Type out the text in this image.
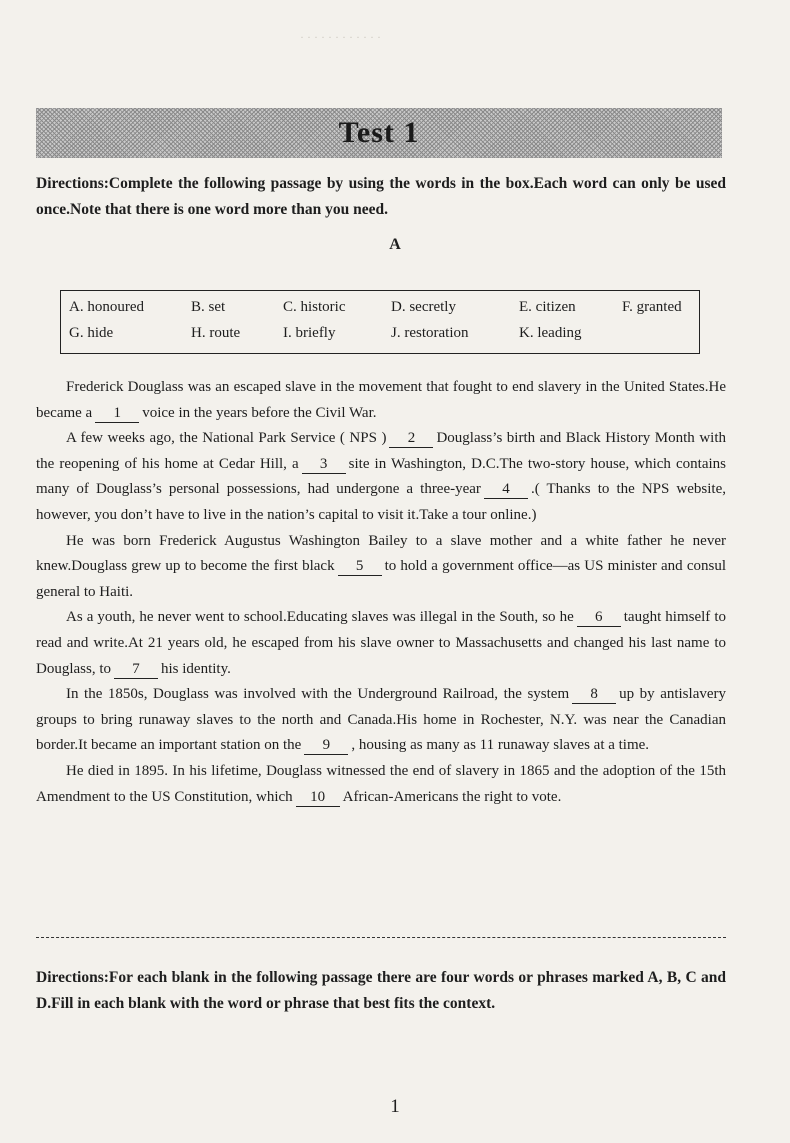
· · · · · · · · · · · ·
Test 1
Directions:Complete the following passage by using the words in the box.Each word can only be used once.Note that there is one word more than you need.
A
A. honoured	B. set	C. historic	D. secretly	E. citizen	F. granted
G. hide	H. route	I. briefly	J. restoration	K. leading

Frederick Douglass was an escaped slave in the movement that fought to end slavery in the United States.He became a 1 voice in the years before the Civil War.

A few weeks ago, the National Park Service ( NPS ) 2 Douglass’s birth and Black History Month with the reopening of his home at Cedar Hill, a 3 site in Washington, D.C.The two-story house, which contains many of Douglass’s personal possessions, had undergone a three-year 4 .( Thanks to the NPS website, however, you don’t have to live in the nation’s capital to visit it.Take a tour online.)

He was born Frederick Augustus Washington Bailey to a slave mother and a white father he never knew.Douglass grew up to become the first black 5 to hold a government office—as US minister and consul general to Haiti.

As a youth, he never went to school.Educating slaves was illegal in the South, so he 6 taught himself to read and write.At 21 years old, he escaped from his slave owner to Massachusetts and changed his last name to Douglass, to 7 his identity.

In the 1850s, Douglass was involved with the Underground Railroad, the system 8 up by antislavery groups to bring runaway slaves to the north and Canada.His home in Rochester, N.Y. was near the Canadian border.It became an important station on the 9 , housing as many as 11 runaway slaves at a time.

He died in 1895. In his lifetime, Douglass witnessed the end of slavery in 1865 and the adoption of the 15th Amendment to the US Constitution, which 10 African-Americans the right to vote.

Directions:For each blank in the following passage there are four words or phrases marked A, B, C and D.Fill in each blank with the word or phrase that best fits the context.
1
